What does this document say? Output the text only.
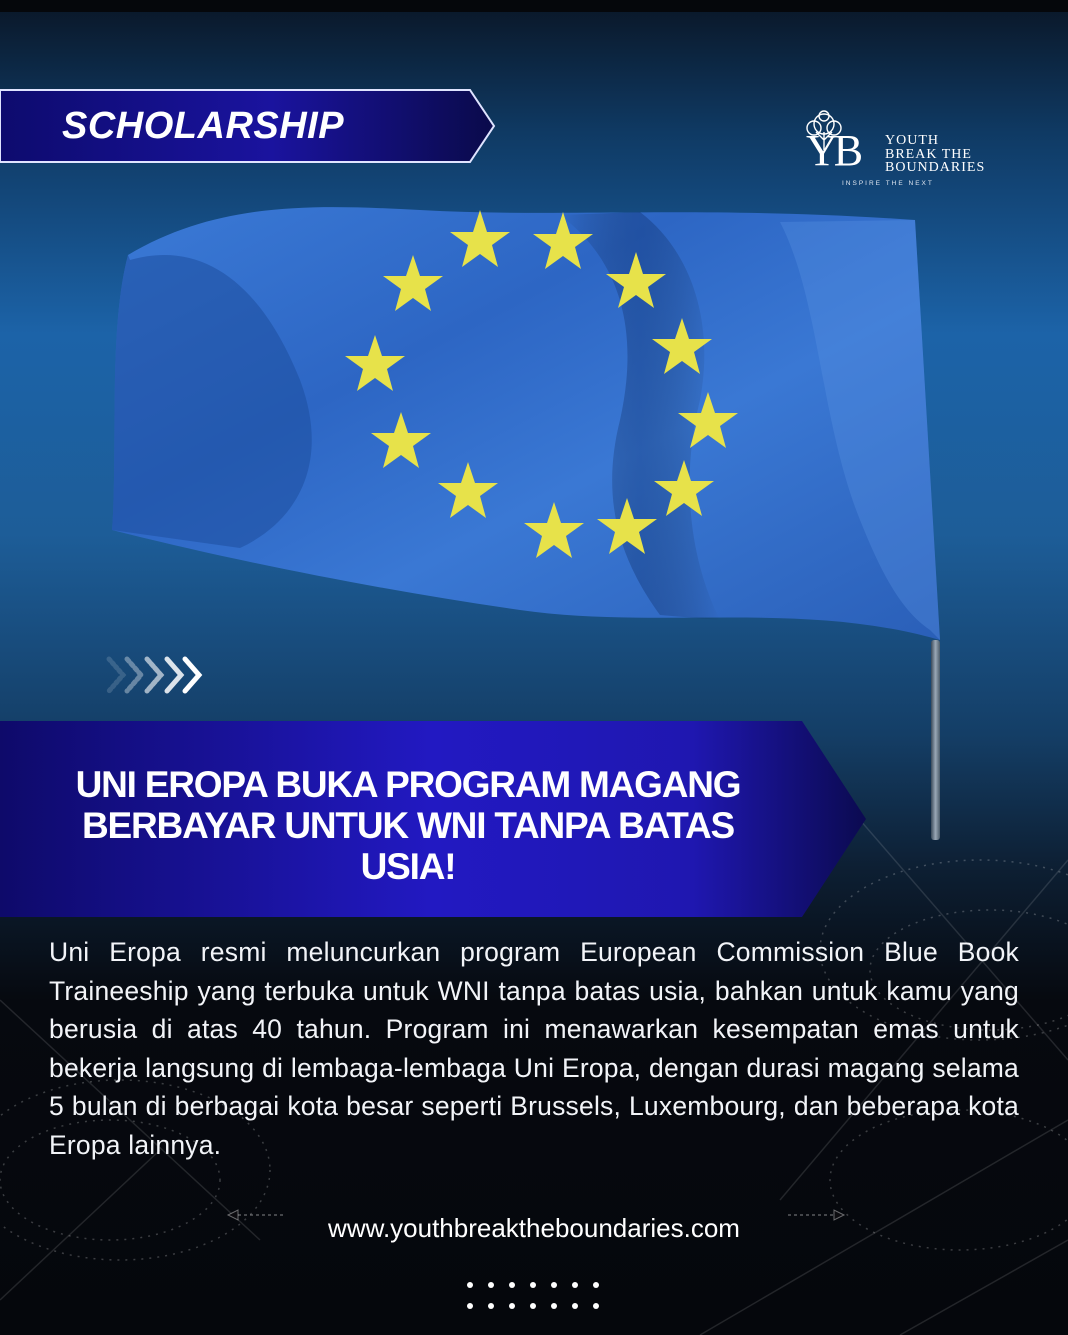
SCHOLARSHIP	YB YOUTH
BREAK THE
BOUNDARIES
INSPIRE THE NEXT
UNI EROPA BUKA PROGRAM MAGANG BERBAYAR UNTUK WNI TANPA BATAS USIA!
Uni Eropa resmi meluncurkan program European Commission Blue Book Traineeship yang terbuka untuk WNI tanpa batas usia, bahkan untuk kamu yang berusia di atas 40 tahun. Program ini menawarkan kesempatan emas untuk bekerja langsung di lembaga-lembaga Uni Eropa, dengan durasi magang selama 5 bulan di berbagai kota besar seperti Brussels, Luxembourg, dan beberapa kota Eropa lainnya.
www.youthbreaktheboundaries.com
